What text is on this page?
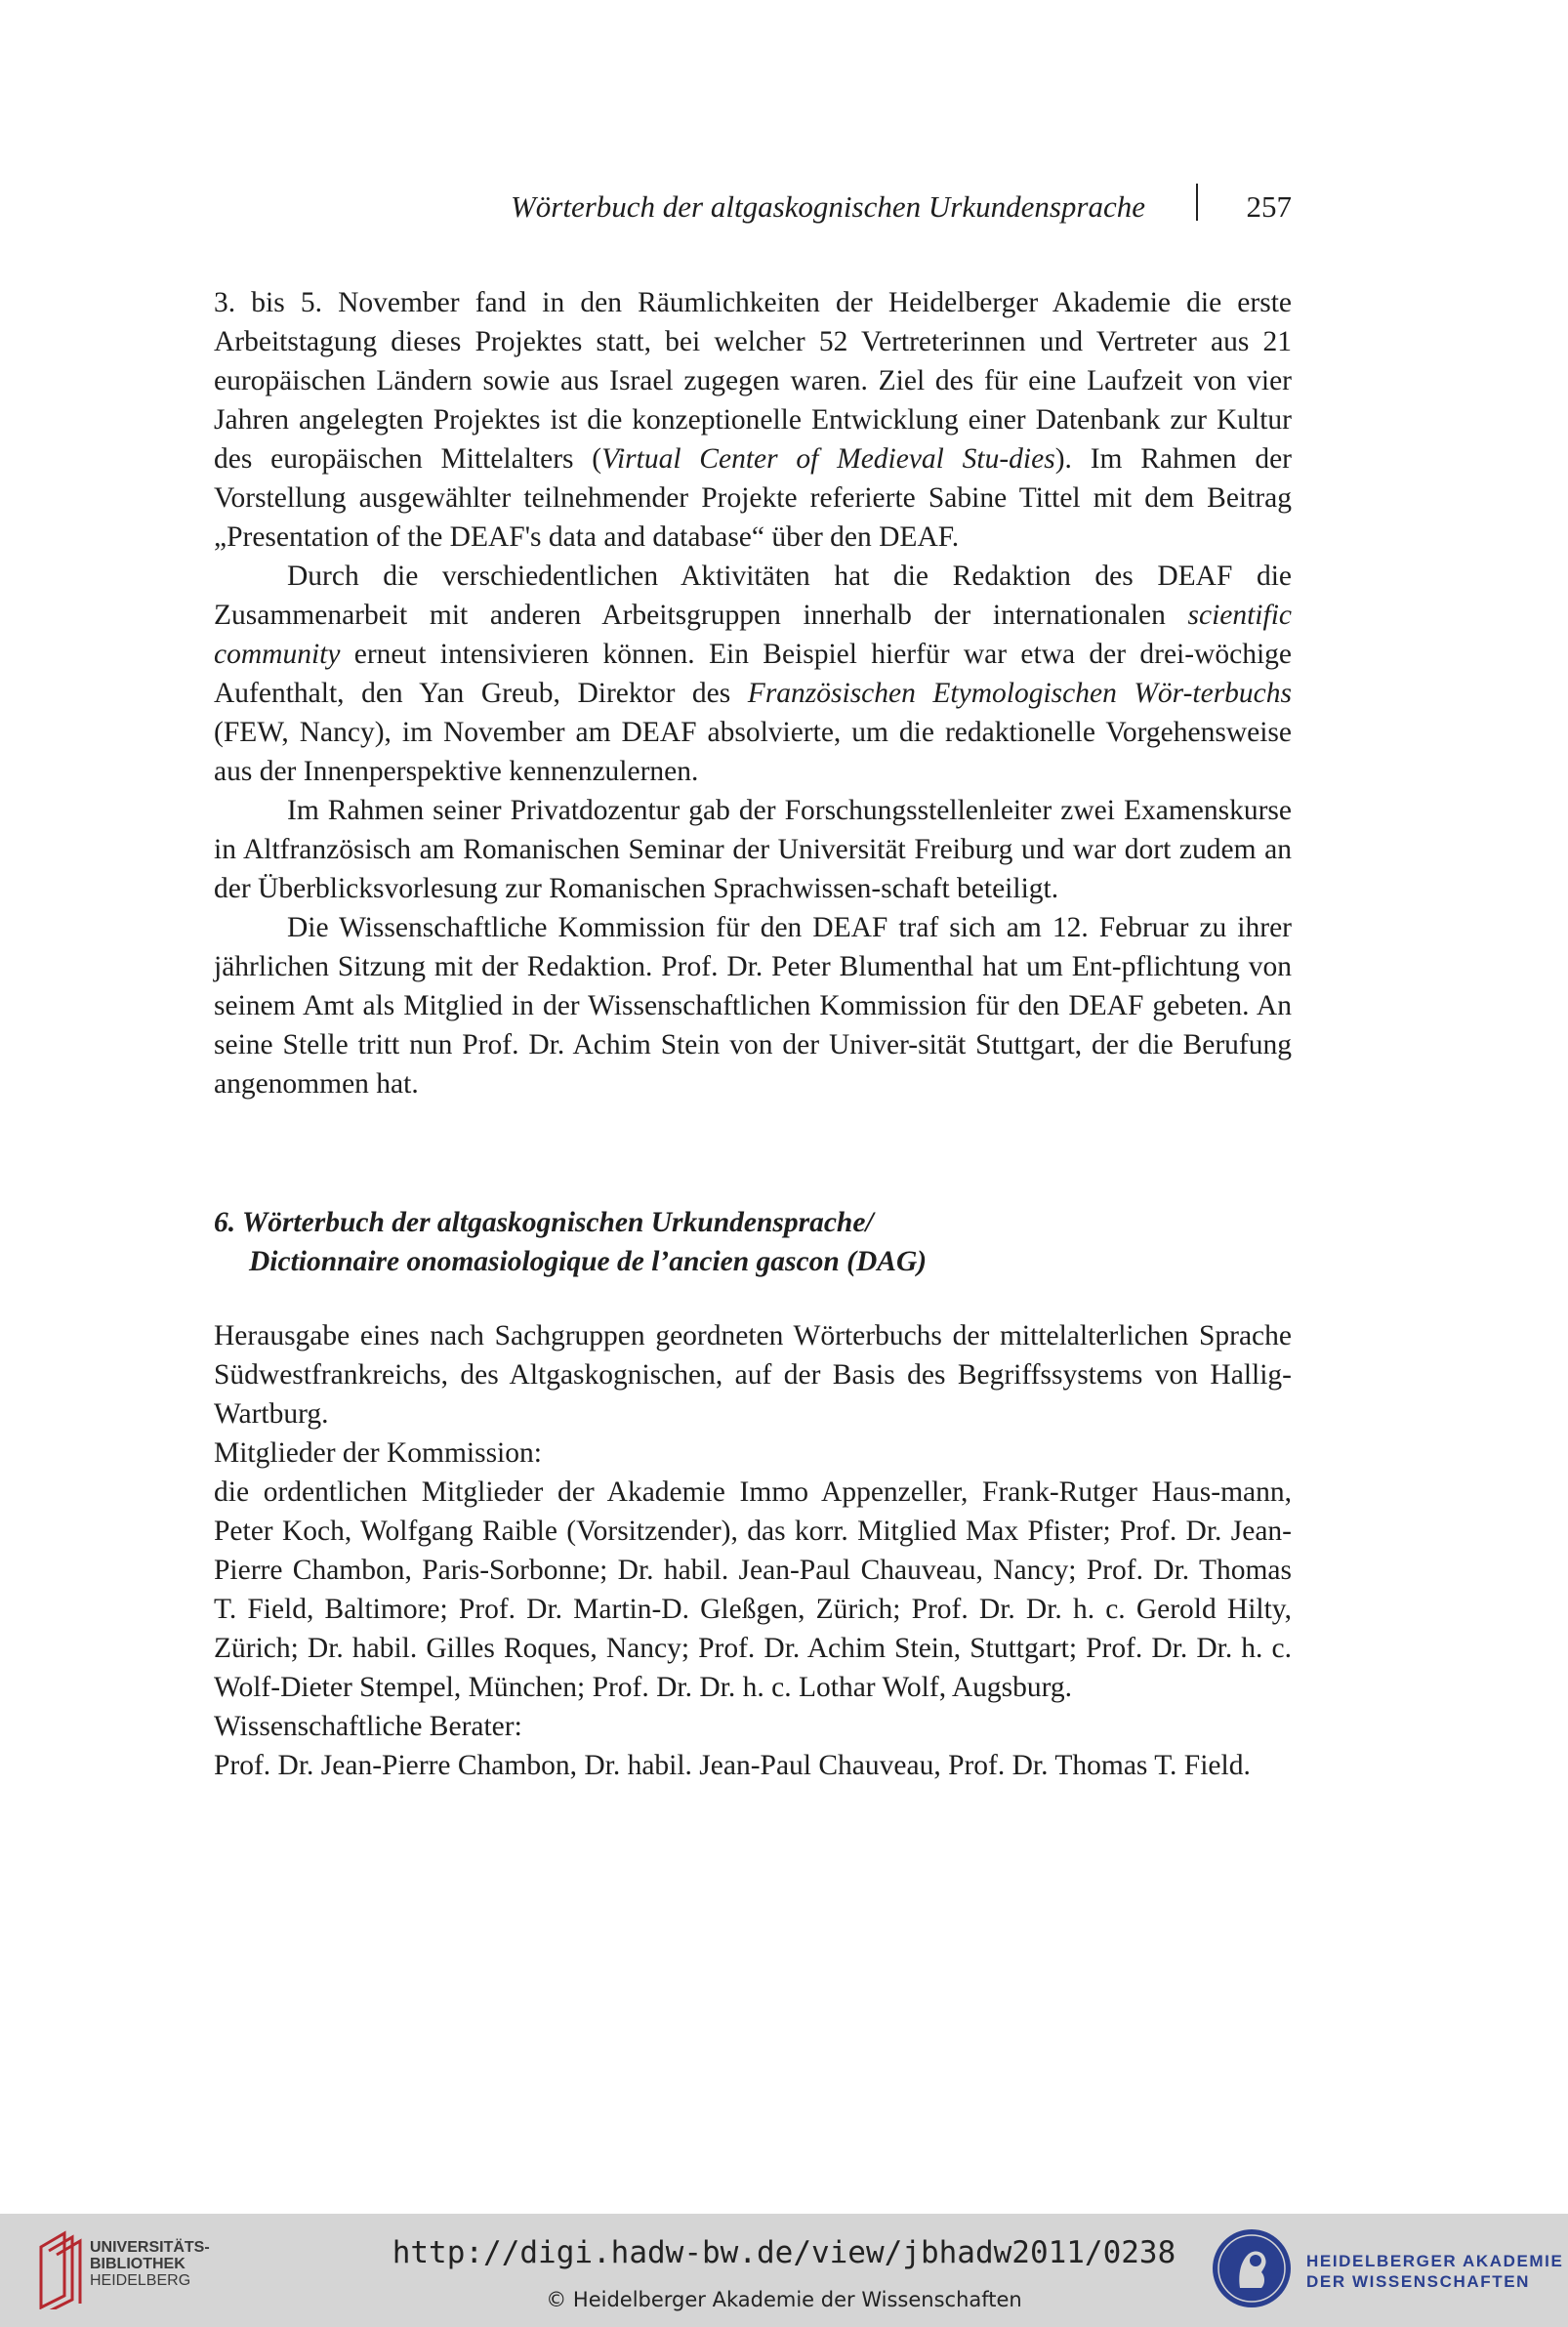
Wörterbuch der altgaskognischen Urkundensprache	257

3. bis 5. November fand in den Räumlichkeiten der Heidelberger Akademie die erste Arbeitstagung dieses Projektes statt, bei welcher 52 Vertreterinnen und Vertreter aus 21 europäischen Ländern sowie aus Israel zugegen waren. Ziel des für eine Laufzeit von vier Jahren angelegten Projektes ist die konzeptionelle Entwicklung einer Datenbank zur Kultur des europäischen Mittelalters (Virtual Center of Medieval Stu-dies). Im Rahmen der Vorstellung ausgewählter teilnehmender Projekte referierte Sabine Tittel mit dem Beitrag „Presentation of the DEAF's data and database“ über den DEAF.

Durch die verschiedentlichen Aktivitäten hat die Redaktion des DEAF die Zusammenarbeit mit anderen Arbeitsgruppen innerhalb der internationalen scientific community erneut intensivieren können. Ein Beispiel hierfür war etwa der drei-wöchige Aufenthalt, den Yan Greub, Direktor des Französischen Etymologischen Wör-terbuchs (FEW, Nancy), im November am DEAF absolvierte, um die redaktionelle Vorgehensweise aus der Innenperspektive kennenzulernen.

Im Rahmen seiner Privatdozentur gab der Forschungsstellenleiter zwei Examenskurse in Altfranzösisch am Romanischen Seminar der Universität Freiburg und war dort zudem an der Überblicksvorlesung zur Romanischen Sprachwissen-schaft beteiligt.

Die Wissenschaftliche Kommission für den DEAF traf sich am 12. Februar zu ihrer jährlichen Sitzung mit der Redaktion. Prof. Dr. Peter Blumenthal hat um Ent-pflichtung von seinem Amt als Mitglied in der Wissenschaftlichen Kommission für den DEAF gebeten. An seine Stelle tritt nun Prof. Dr. Achim Stein von der Univer-sität Stuttgart, der die Berufung angenommen hat.

6. Wörterbuch der altgaskognischen Urkundensprache/
Dictionnaire onomasiologique de l’ancien gascon (DAG)

Herausgabe eines nach Sachgruppen geordneten Wörterbuchs der mittelalterlichen Sprache Südwestfrankreichs, des Altgaskognischen, auf der Basis des Begriffssystems von Hallig-Wartburg.

Mitglieder der Kommission:

die ordentlichen Mitglieder der Akademie Immo Appenzeller, Frank-Rutger Haus-mann, Peter Koch, Wolfgang Raible (Vorsitzender), das korr. Mitglied Max Pfister; Prof. Dr. Jean-Pierre Chambon, Paris-Sorbonne; Dr. habil. Jean-Paul Chauveau, Nancy; Prof. Dr. Thomas T. Field, Baltimore; Prof. Dr. Martin-D. Gleßgen, Zürich; Prof. Dr. Dr. h. c. Gerold Hilty, Zürich; Dr. habil. Gilles Roques, Nancy; Prof. Dr. Achim Stein, Stuttgart; Prof. Dr. Dr. h. c. Wolf-Dieter Stempel, München; Prof. Dr. Dr. h. c. Lothar Wolf, Augsburg.

Wissenschaftliche Berater:

Prof. Dr. Jean-Pierre Chambon, Dr. habil. Jean-Paul Chauveau, Prof. Dr. Thomas T. Field.

UNIVERSITÄTS-
BIBLIOTHEK
HEIDELBERG
http://digi.hadw-bw.de/view/jbhadw2011/0238
© Heidelberger Akademie der Wissenschaften
HEIDELBERGER AKADEMIE
DER WISSENSCHAFTEN
